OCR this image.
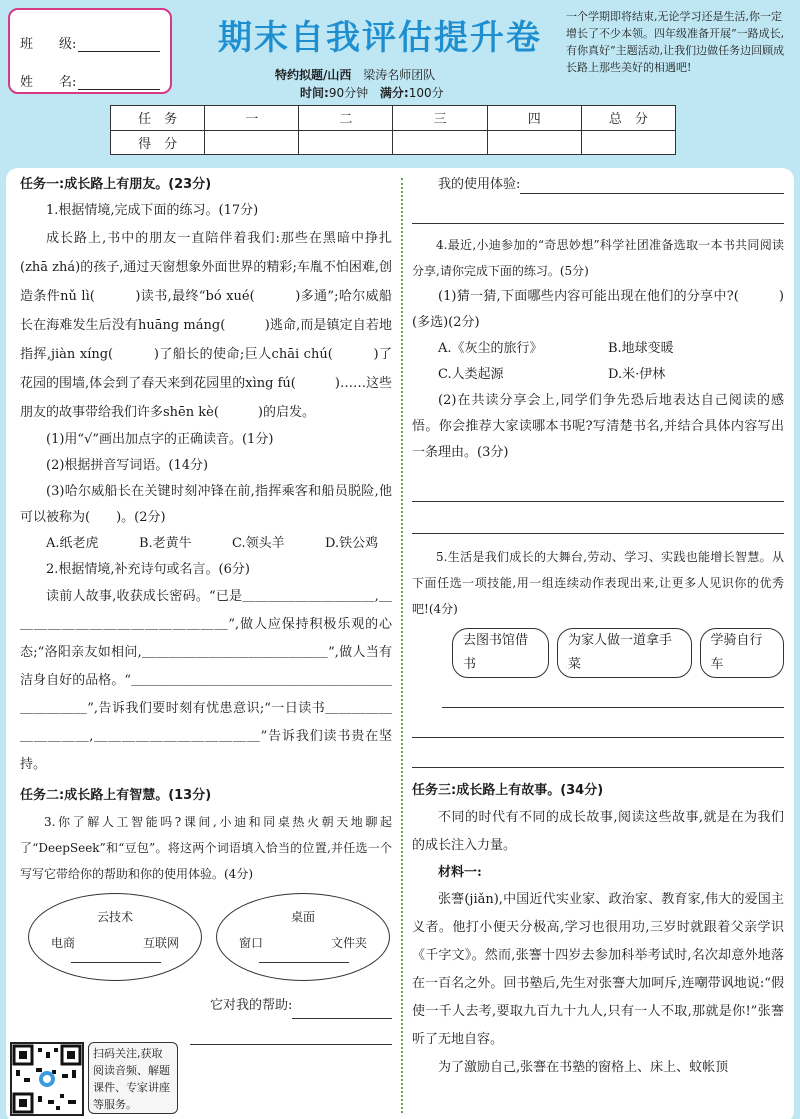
班　　级:
姓　　名:
期末自我评估提升卷
特约拟题/山西 梁涛名师团队
时间:90分钟 满分:100分
一个学期即将结束,无论学习还是生活,你一定增长了不少本领。四年级准备开展“一路成长,有你真好”主题活动,让我们边做任务边回顾成长路上那些美好的相遇吧!
任　务	一	二	三	四	总　分
得　分					
任务一:成长路上有朋友。(23分)
1.根据情境,完成下面的练习。(17分)
成长路上,书中的朋友一直陪伴着我们:那些在黑暗中挣扎(zhā zhá)的孩子,通过天窗想象外面世界的精彩;车胤不怕困难,创造条件nǔ lì(　　　)读书,最终“bó xué(　　　)多通”;哈尔威船长在海难发生后没有huāng máng(　　　)逃命,而是镇定自若地指挥,jiàn xíng(　　　)了船长的使命;巨人chāi chú(　　　)了花园的围墙,体会到了春天来到花园里的xìng fú(　　　)……这些朋友的故事带给我们许多shēn kè(　　　)的启发。
(1)用“√”画出加点字的正确读音。(1分)
(2)根据拼音写词语。(14分)
(3)哈尔威船长在关键时刻冲锋在前,指挥乘客和船员脱险,他可以被称为(　　)。(2分)
A.纸老虎	B.老黄牛	C.领头羊	D.铁公鸡
2.根据情境,补充诗句或名言。(6分)
读前人故事,收获成长密码。“已是＿＿＿＿＿＿＿＿＿＿,＿＿＿＿＿＿＿＿＿＿＿＿＿＿＿＿”,做人应保持积极乐观的心态;“洛阳亲友如相问,＿＿＿＿＿＿＿＿＿＿＿＿＿＿”,做人当有洁身自好的品格。“＿＿＿＿＿＿＿＿＿＿＿＿＿＿＿＿＿＿＿＿＿＿＿＿＿”,告诉我们要时刻有忧患意识;“一日读书＿＿＿＿＿＿＿＿＿＿,＿＿＿＿＿＿＿＿＿＿＿＿”告诉我们读书贵在坚持。
任务二:成长路上有智慧。(13分)
3.你了解人工智能吗?课间,小迪和同桌热火朝天地聊起了“DeepSeek”和“豆包”。将这两个词语填入恰当的位置,并任选一个写写它带给你的帮助和你的使用体验。(4分)
云技术
电商	互联网
桌面
窗口	文件夹
它对我的帮助:
我的使用体验:
4.最近,小迪参加的“奇思妙想”科学社团准备选取一本书共同阅读分享,请你完成下面的练习。(5分)
(1)猜一猜,下面哪些内容可能出现在他们的分享中?(　　　)(多选)(2分)
A.《灰尘的旅行》	B.地球变暖
C.人类起源	D.米·伊林
(2)在共读分享会上,同学们争先恐后地表达自己阅读的感悟。你会推荐大家读哪本书呢?写清楚书名,并结合具体内容写出一条理由。(3分)
5.生活是我们成长的大舞台,劳动、学习、实践也能增长智慧。从下面任选一项技能,用一组连续动作表现出来,让更多人见识你的优秀吧!(4分)
去图书馆借书
为家人做一道拿手菜
学骑自行车
任务三:成长路上有故事。(34分)
不同的时代有不同的成长故事,阅读这些故事,就是在为我们的成长注入力量。
材料一:
张謇(jiǎn),中国近代实业家、政治家、教育家,伟大的爱国主义者。他打小便天分极高,学习也很用功,三岁时就跟着父亲学识《千字文》。然而,张謇十四岁去参加科举考试时,名次却意外地落在一百名之外。回书塾后,先生对张謇大加呵斥,连嘲带讽地说:“假使一千人去考,要取九百九十九人,只有一人不取,那就是你!”张謇听了无地自容。
为了激励自己,张謇在书塾的窗格上、床上、蚊帐顶
扫码关注,获取阅读音频、解题课件、专家讲座等服务。
